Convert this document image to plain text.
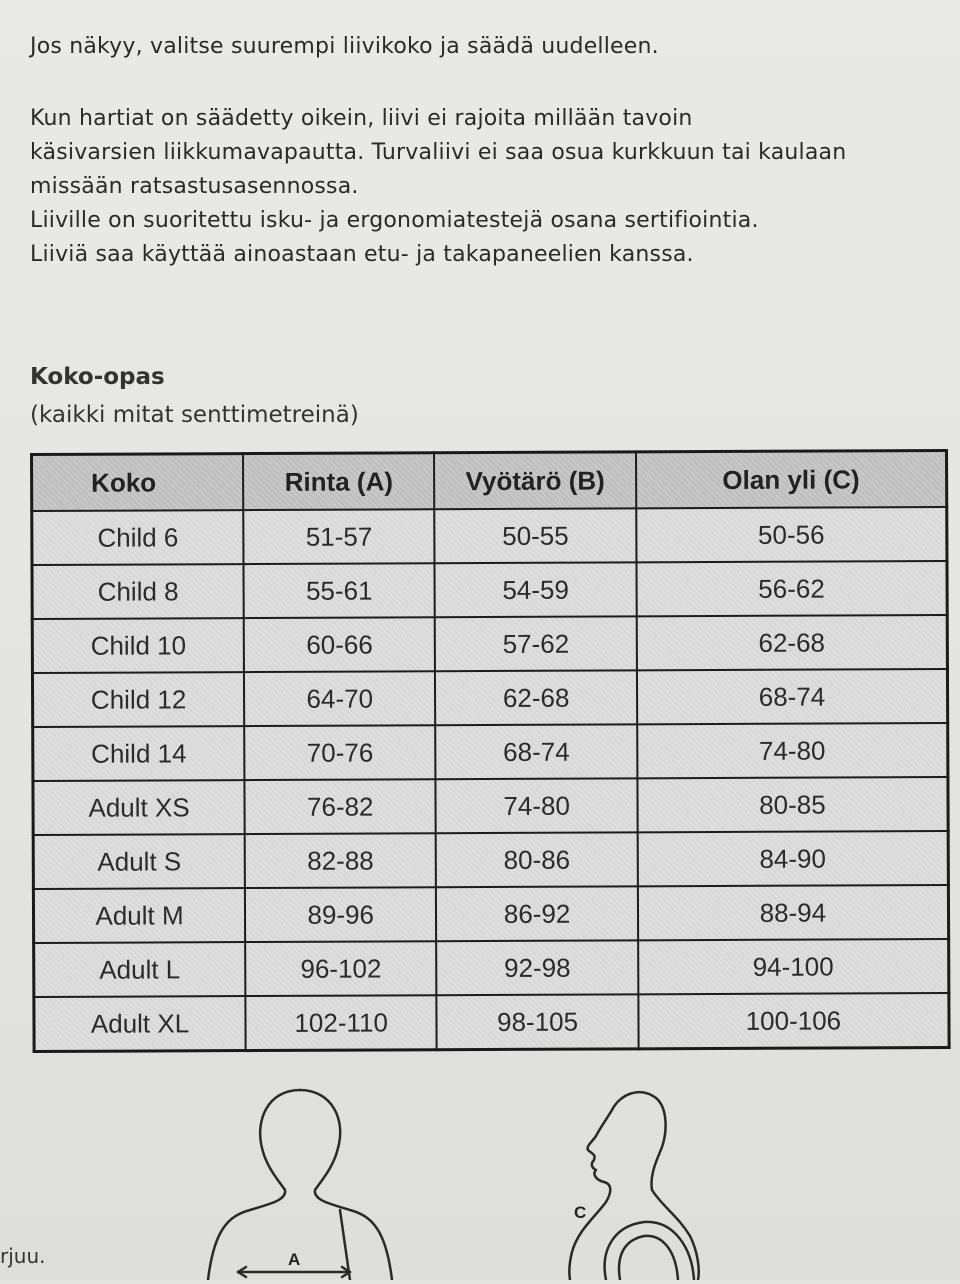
Jos näkyy, valitse suurempi liivikoko ja säädä uudelleen.
Kun hartiat on säädetty oikein, liivi ei rajoita millään tavoin
käsivarsien liikkumavapautta. Turvaliivi ei saa osua kurkkuun tai kaulaan
missään ratsastusasennossa.
Liiville on suoritettu isku- ja ergonomiatestejä osana sertifiointia.
Liiviä saa käyttää ainoastaan etu- ja takapaneelien kanssa.
Koko-opas
(kaikki mitat senttimetreinä)
Koko	Rinta (A)	Vyötärö (B)	Olan yli (C)
Child 6	51-57	50-55	50-56
Child 8	55-61	54-59	56-62
Child 10	60-66	57-62	62-68
Child 12	64-70	62-68	68-74
Child 14	70-76	68-74	74-80
Adult XS	76-82	74-80	80-85
Adult S	82-88	80-86	84-90
Adult M	89-96	86-92	88-94
Adult L	96-102	92-98	94-100
Adult XL	102-110	98-105	100-106
A
C
rjuu.
